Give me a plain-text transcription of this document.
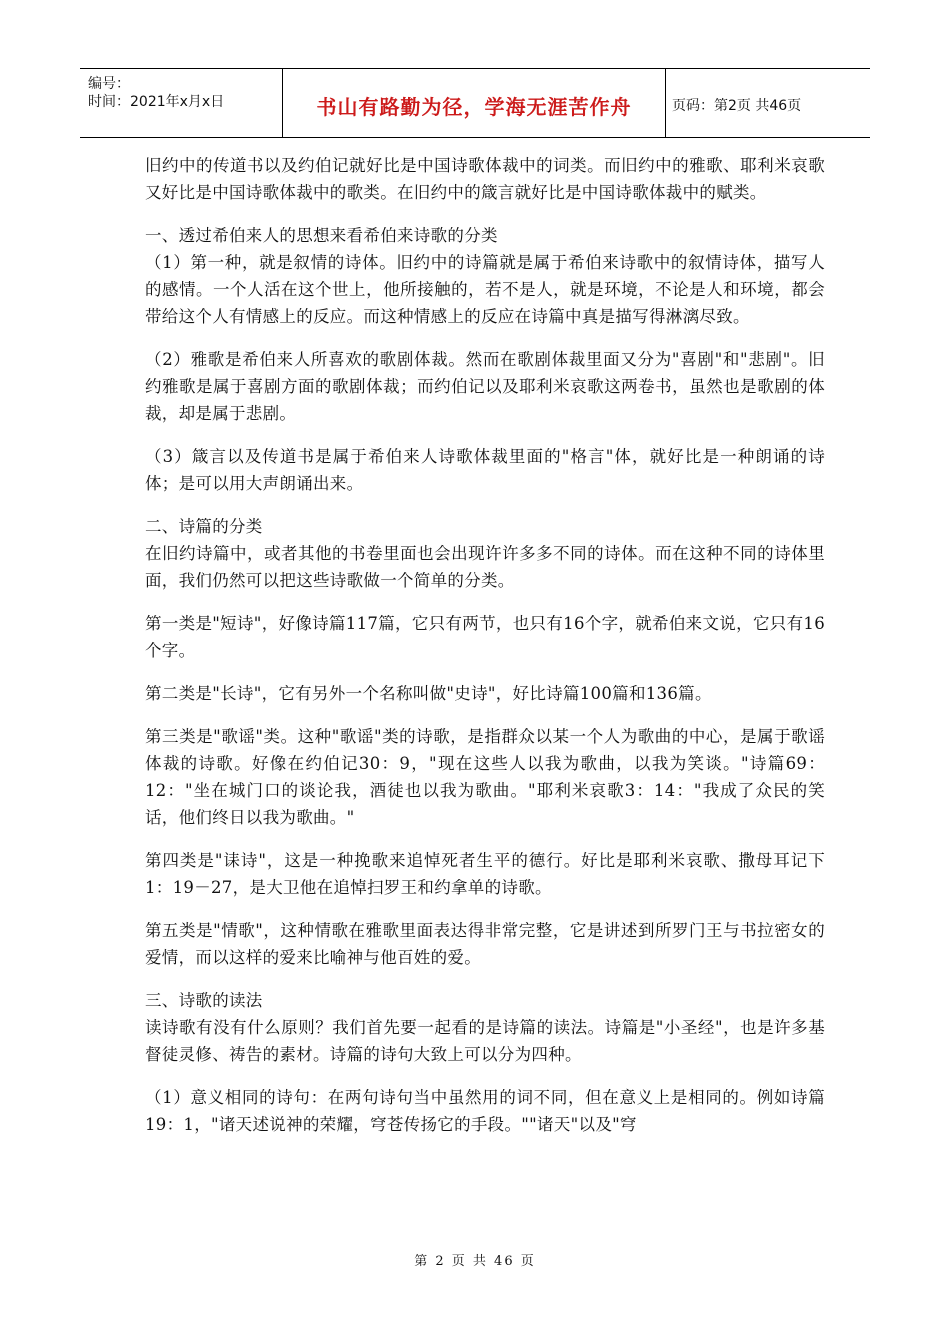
编号：
时间：2021年x月x日	书山有路勤为径，学海无涯苦作舟	页码：第2页 共46页

旧约中的传道书以及约伯记就好比是中国诗歌体裁中的词类。而旧约中的雅歌、耶利米哀歌又好比是中国诗歌体裁中的歌类。在旧约中的箴言就好比是中国诗歌体裁中的赋类。

一、透过希伯来人的思想来看希伯来诗歌的分类

（1）第一种，就是叙情的诗体。旧约中的诗篇就是属于希伯来诗歌中的叙情诗体，描写人的感情。一个人活在这个世上，他所接触的，若不是人，就是环境，不论是人和环境，都会带给这个人有情感上的反应。而这种情感上的反应在诗篇中真是描写得淋漓尽致。

（2）雅歌是希伯来人所喜欢的歌剧体裁。然而在歌剧体裁里面又分为"喜剧"和"悲剧"。旧约雅歌是属于喜剧方面的歌剧体裁；而约伯记以及耶利米哀歌这两卷书，虽然也是歌剧的体裁，却是属于悲剧。

（3）箴言以及传道书是属于希伯来人诗歌体裁里面的"格言"体，就好比是一种朗诵的诗体；是可以用大声朗诵出来。

二、诗篇的分类

在旧约诗篇中，或者其他的书卷里面也会出现许许多多不同的诗体。而在这种不同的诗体里面，我们仍然可以把这些诗歌做一个简单的分类。

第一类是"短诗"，好像诗篇117篇，它只有两节，也只有16个字，就希伯来文说，它只有16个字。

第二类是"长诗"，它有另外一个名称叫做"史诗"，好比诗篇100篇和136篇。

第三类是"歌谣"类。这种"歌谣"类的诗歌，是指群众以某一个人为歌曲的中心，是属于歌谣体裁的诗歌。好像在约伯记30：9，"现在这些人以我为歌曲，以我为笑谈。"诗篇69：12："坐在城门口的谈论我，酒徒也以我为歌曲。"耶利米哀歌3：14："我成了众民的笑话，他们终日以我为歌曲。"

第四类是"诔诗"，这是一种挽歌来追悼死者生平的德行。好比是耶利米哀歌、撒母耳记下1：19－27，是大卫他在追悼扫罗王和约拿单的诗歌。

第五类是"情歌"，这种情歌在雅歌里面表达得非常完整，它是讲述到所罗门王与书拉密女的爱情，而以这样的爱来比喻神与他百姓的爱。

三、诗歌的读法

读诗歌有没有什么原则？我们首先要一起看的是诗篇的读法。诗篇是"小圣经"，也是许多基督徒灵修、祷告的素材。诗篇的诗句大致上可以分为四种。

（1）意义相同的诗句：在两句诗句当中虽然用的词不同，但在意义上是相同的。例如诗篇19：1，"诸天述说神的荣耀，穹苍传扬它的手段。""诸天"以及"穹

第 2 页 共 46 页
